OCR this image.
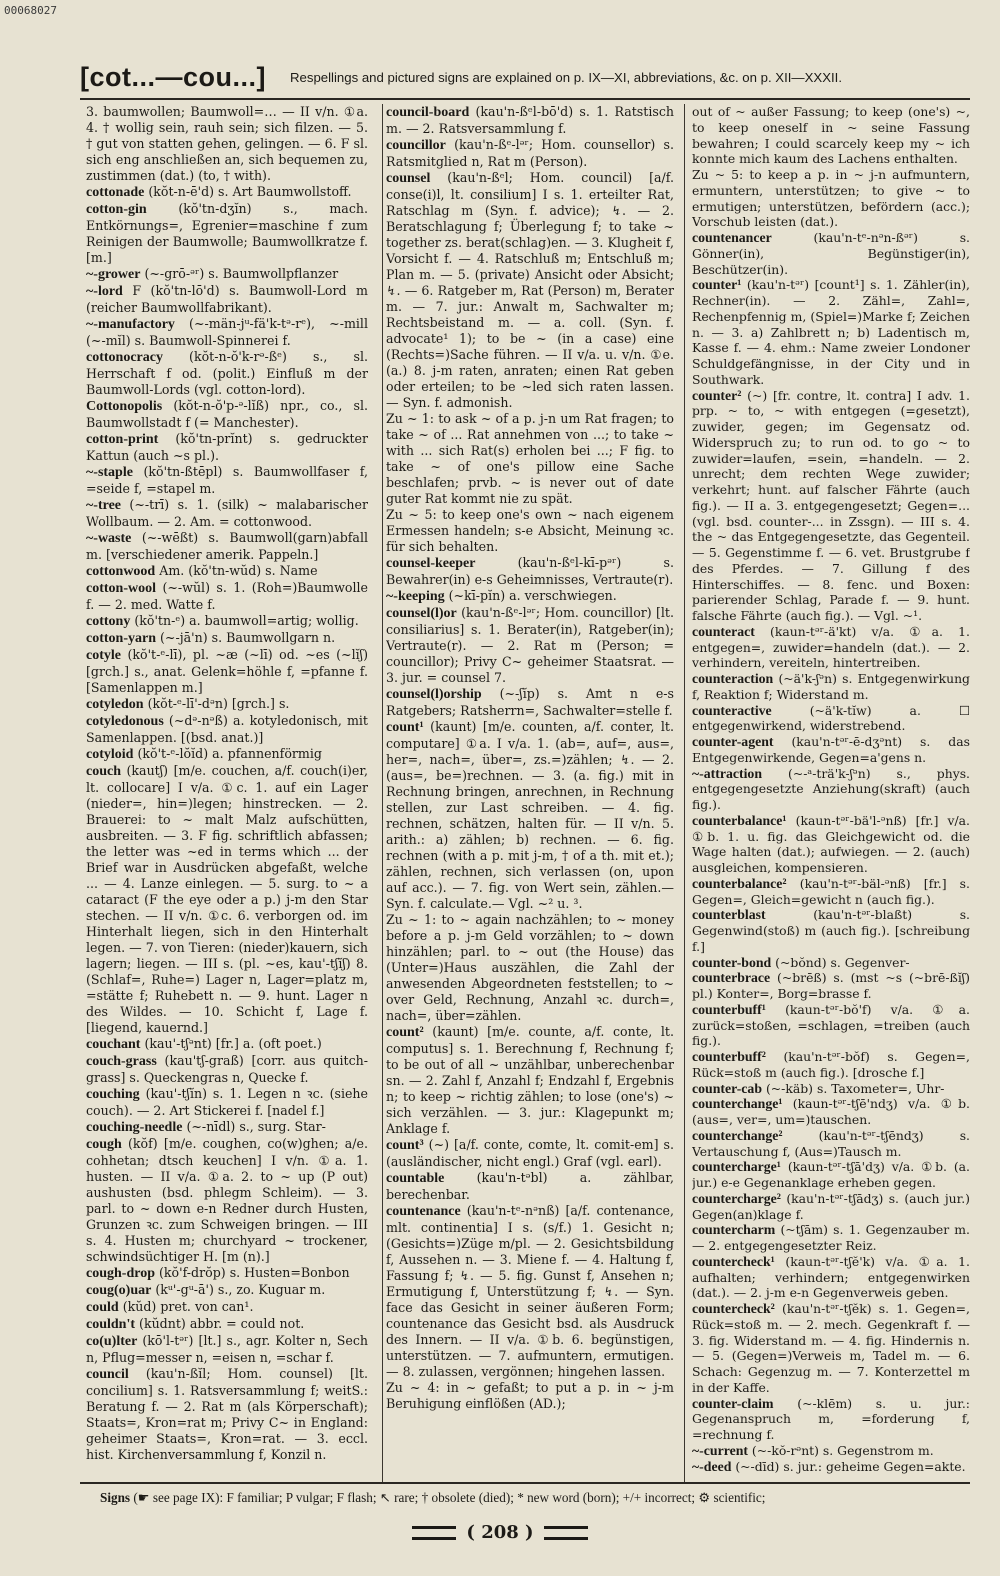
00068027
[cot...—cou...] Respellings and pictured signs are explained on p. IX—XI, abbreviations, &c. on p. XII—XXXII.

3. baumwollen; Baumwoll=… — II v/n. ①a. 4. † wollig sein, rauh sein; sich filzen. — 5. † gut von statten gehen, gelingen. — 6. F sl. sich eng anschließen an, sich bequemen zu, zustimmen (dat.) (to, † with).

cottonade (kŏt-n-ē'd) s. Art Baumwollstoff.

cotton-gin	(kŏ'tn-dʒĭn) s., mach. Entkörnungs=, Egrenier=maschine f zum Reinigen der Baumwolle; Baumwollkratze f. [m.]

~-grower (~-grō-ᵊʳ) s. Baumwollpflanzer

~-lord F (kŏ'tn-lō'd) s. Baumwoll-Lord m (reicher Baumwollfabrikant).

~-manufactory (~-män-jᵘ-fä'k-tᵊ-rᵉ), ~-mill (~-mĭl) s. Baumwoll-Spinnerei f.

cottonocracy (kŏt-n-ŏ'k-rᵊ-ßᵉ) s., sl. Herrschaft f od. (polit.) Einfluß m der Baumwoll-Lords (vgl. cotton-lord).

Cottonopolis (kŏt-n-ŏ'p-ᵊ-lĭß) npr., co., sl. Baumwollstadt f (= Manchester).

cotton-print (kŏ'tn-prĭnt) s. gedruckter Kattun (auch ~s pl.).

~-staple (kŏ'tn-ßtēpl) s. Baumwollfaser f, =seide f, =stapel m.

~-tree (~-trī) s. 1. (silk) ~ malabarischer Wollbaum. — 2. Am. = cottonwood.

~-waste (~-wēßt) s. Baumwoll(garn)abfall m. [verschiedener amerik. Pappeln.]

cottonwood Am. (kŏ'tn-wŭd) s. Name

cotton-wool (~-wŭl) s. 1. (Roh=)Baumwolle f. — 2. med. Watte f.

cottony (kŏ'tn-ᵉ) a. baumwoll=artig; wollig.

cotton-yarn (~-jā'n) s. Baumwollgarn n.

cotyle (kŏ't-ᵉ-lī), pl. ~æ (~lī) od. ~es (~lĭʃ) [grch.] s., anat. Gelenk=höhle f, =pfanne f. [Samenlappen m.]

cotyledon (kŏt-ᵉ-lī'-dᵊn) [grch.] s.

cotyledonous (~dᵊ-nᵊß) a. kotyledonisch, mit Samenlappen. [(bsd. anat.)]

cotyloid (kŏ't-ᵉ-lŏĭd) a. pfannenförmig

couch (kautʃ) [m/e. couchen, a/f. couch(i)er, lt. collocare] I v/a. ①c. 1. auf ein Lager (nieder=, hin=)legen; hinstrecken. — 2. Brauerei: to ~ malt Malz aufschütten, ausbreiten. — 3. F fig. schriftlich abfassen; the letter was ~ed in terms which ... der Brief war in Ausdrücken abgefaßt, welche ... — 4. Lanze einlegen. — 5. surg. to ~ a cataract (F the eye oder a p.) j-m den Star stechen. — II v/n. ①c. 6. verborgen od. im Hinterhalt liegen, sich in den Hinterhalt legen. — 7. von Tieren: (nieder)kauern, sich lagern; liegen. — III s. (pl. ~es, kau'-tʃĭʃ) 8. (Schlaf=, Ruhe=) Lager n, Lager=platz m, =stätte f; Ruhebett n. — 9. hunt. Lager n des Wildes. — 10. Schicht f, Lage f. [liegend, kauernd.]

couchant (kau'-tʃᵊnt) [fr.] a. (oft poet.)

couch-grass (kau'tʃ-graß) [corr. aus quitch-grass] s. Queckengras n, Quecke f.

couching (kau'-tʃĭn) s. 1. Legen n ꝛc. (siehe couch). — 2. Art Stickerei f. [nadel f.]

couching-needle (~-nīdl) s., surg. Star-

cough (kŏf) [m/e. coughen, co(w)ghen; a/e. cohhetan; dtsch keuchen] I v/n. ①a. 1. husten. — II v/a. ①a. 2. to ~ up (P out) aushusten (bsd. phlegm Schleim). — 3. parl. to ~ down e-n Redner durch Husten, Grunzen ꝛc. zum Schweigen bringen. — III s. 4. Husten m; churchyard ~ trockener, schwindsüchtiger H. [m (n).]

cough-drop (kŏ'f-drŏp) s. Husten=Bonbon

coug(o)uar (kᵘ'-gᵘ-ā') s., zo. Kuguar m.

could (kŭd) pret. von can¹.

couldn't (kŭdnt) abbr. = could not.

co(u)lter (kō'l-tᵊʳ) [lt.] s., agr. Kolter n, Sech n, Pflug=messer n, =eisen n, =schar f.

council (kau'n-ßĭl; Hom. counsel) [lt. concilium] s. 1. Ratsversammlung f; weitS.: Beratung f. — 2. Rat m (als Körperschaft); Staats=, Kron=rat m; Privy C~ in England: geheimer Staats=, Kron=rat. — 3. eccl. hist. Kirchenversammlung f, Konzil n.

council-board (kau'n-ßᵉl-bō'd) s. 1. Ratstisch m. — 2. Ratsversammlung f.

councillor (kau'n-ßᵉ-lᵊʳ; Hom. counsellor) s. Ratsmitglied n, Rat m (Person).

counsel (kau'n-ßᵉl; Hom. council) [a/f. conse(i)l, lt. consilium] I s. 1. erteilter Rat, Ratschlag m (Syn. f. advice); ↯. — 2. Beratschlagung f; Überlegung f; to take ~ together zs. berat(schlag)en. — 3. Klugheit f, Vorsicht f. — 4. Ratschluß m; Entschluß m; Plan m. — 5. (private) Ansicht oder Absicht; ↯. — 6. Ratgeber m, Rat (Person) m, Berater m. — 7. jur.: Anwalt m, Sachwalter m; Rechtsbeistand m. — a. coll. (Syn. f. advocate¹ 1); to be ~ (in a case) eine (Rechts=)Sache führen. — II v/a. u. v/n. ①e.(a.) 8. j-m raten, anraten; einen Rat geben oder erteilen; to be ~led sich raten lassen. — Syn. f. admonish.

Zu ~ 1: to ask ~ of a p. j-n um Rat fragen; to take ~ of ... Rat annehmen von ...; to take ~ with ... sich Rat(s) erholen bei ...; F fig. to take ~ of one's pillow eine Sache beschlafen; prvb. ~ is never out of date guter Rat kommt nie zu spät.

Zu ~ 5: to keep one's own ~ nach eigenem Ermessen handeln; s-e Absicht, Meinung ꝛc. für sich behalten.

counsel-keeper	(kau'n-ßᵉl-kī-pᵊʳ) s. Bewahrer(in) e-s Geheimnisses, Vertraute(r).

~-keeping (~kī-pĭn) a. verschwiegen.

counsel(l)or (kau'n-ßᵉ-lᵊʳ; Hom. councillor) [lt. consiliarius] s. 1. Berater(in), Ratgeber(in); Vertraute(r). — 2. Rat m (Person; = councillor); Privy C~ geheimer Staatsrat. — 3. jur. = counsel 7.

counsel(l)orship (~-ʃĭp) s. Amt n e-s Ratgebers; Ratsherrn=, Sachwalter=stelle f.

count¹ (kaunt) [m/e. counten, a/f. conter, lt. computare] ①a. I v/a. 1. (ab=, auf=, aus=, her=, nach=, über=, zs.=)zählen; ↯. — 2. (aus=, be=)rechnen. — 3. (a. fig.) mit in Rechnung bringen, anrechnen, in Rechnung stellen, zur Last schreiben. — 4. fig. rechnen, schätzen, halten für. — II v/n. 5. arith.: a) zählen; b) rechnen. — 6. fig. rechnen (with a p. mit j-m, † of a th. mit et.); zählen, rechnen, sich verlassen (on, upon auf acc.). — 7. fig. von Wert sein, zählen.— Syn. f. calculate.— Vgl. ~² u. ³.

Zu ~ 1: to ~ again nachzählen; to ~ money before a p. j-m Geld vorzählen; to ~ down hinzählen; parl. to ~ out (the House) das (Unter=)Haus auszählen, die Zahl der anwesenden Abgeordneten feststellen; to ~ over Geld, Rechnung, Anzahl ꝛc. durch=, nach=, über=zählen.

count² (kaunt) [m/e. counte, a/f. conte, lt. computus] s. 1. Berechnung f, Rechnung f; to be out of all ~ unzählbar, unberechenbar sn. — 2. Zahl f, Anzahl f; Endzahl f, Ergebnis n; to keep ~ richtig zählen; to lose (one's) ~ sich verzählen. — 3. jur.: Klagepunkt m; Anklage f.

count³ (~) [a/f. conte, comte, lt. comit-em] s. (ausländischer, nicht engl.) Graf (vgl. earl).

countable	(kau'n-tᵊbl) a. zählbar, berechenbar.

countenance (kau'n-tᵉ-nᵊnß) [a/f. contenance, mlt. continentia] I s. (s/f.) 1. Gesicht n; (Gesichts=)Züge m/pl. — 2. Gesichtsbildung f, Aussehen n. — 3. Miene f. — 4. Haltung f, Fassung f; ↯. — 5. fig. Gunst f, Ansehen n; Ermutigung f, Unterstützung f; ↯. — Syn. face das Gesicht in seiner äußeren Form; countenance das Gesicht bsd. als Ausdruck des Innern. — II v/a. ①b. 6. begünstigen, unterstützen. — 7. aufmuntern, ermutigen. — 8. zulassen, vergönnen; hingehen lassen.

Zu ~ 4: in ~ gefaßt; to put a p. in ~ j-m Beruhigung einflößen (AD.);

out of ~ außer Fassung; to keep (one's) ~, to keep oneself in ~ seine Fassung bewahren; I could scarcely keep my ~ ich konnte mich kaum des Lachens enthalten.

Zu ~ 5: to keep a p. in ~ j-n aufmuntern, ermuntern, unterstützen; to give ~ to ermutigen; unterstützen, befördern (acc.); Vorschub leisten (dat.).

countenancer	(kau'n-tᵉ-nᵊn-ßᵊʳ) s. Gönner(in), Begünstiger(in), Beschützer(in).

counter¹ (kau'n-tᵊʳ) [count¹] s. 1. Zähler(in), Rechner(in). — 2. Zähl=, Zahl=, Rechenpfennig m, (Spiel=)Marke f; Zeichen n. — 3. a) Zahlbrett n; b) Ladentisch m, Kasse f. — 4. ehm.: Name zweier Londoner Schuldgefängnisse, in der City und in Southwark.

counter² (~) [fr. contre, lt. contra] I adv. 1. prp. ~ to, ~ with entgegen (=gesetzt), zuwider, gegen; im Gegensatz od. Widerspruch zu; to run od. to go ~ to zuwider=laufen, =sein, =handeln. — 2. unrecht; dem rechten Wege zuwider; verkehrt; hunt. auf falscher Fährte (auch fig.). — II a. 3. entgegengesetzt; Gegen=... (vgl. bsd. counter-... in Zssgn). — III s. 4. the ~ das Entgegengesetzte, das Gegenteil. — 5. Gegenstimme f. — 6. vet. Brustgrube f des Pferdes. — 7. Gillung f des Hinterschiffes. — 8. fenc. und Boxen: parierender Schlag, Parade f. — 9. hunt. falsche Fährte (auch fig.). — Vgl. ~¹.

counteract (kaun-tᵊʳ-ä'kt) v/a. ①a. 1. entgegen=, zuwider=handeln (dat.). — 2. verhindern, vereiteln, hintertreiben.

counteraction (~ä'k-ʃᵊn) s. Entgegenwirkung f, Reaktion f; Widerstand m.

counteractive	(~ä'k-tĭw) a. ☐ entgegenwirkend, widerstrebend.

counter-agent (kau'n-tᵊʳ-ē-dʒᵊnt) s. das Entgegenwirkende, Gegen=a'gens n.

~-attraction (~-ᵃ-trä'k-ʃᵊn) s., phys. entgegengesetzte Anziehung(skraft) (auch fig.).

counterbalance¹ (kaun-tᵊʳ-bä'l-ᵊnß) [fr.] v/a. ①b. 1. u. fig. das Gleichgewicht od. die Wage halten (dat.); aufwiegen. — 2. (auch) ausgleichen, kompensieren.

counterbalance² (kau'n-tᵊʳ-bäl-ᵊnß) [fr.] s. Gegen=, Gleich=gewicht n (auch fig.).

counterblast	(kau'n-tᵊʳ-blaßt) s. Gegenwind(stoß) m (auch fig.). [schreibung f.]

counter-bond (~bŏnd) s. Gegenver-

counterbrace (~brēß) s. (mst ~s (~brē-ßĭʃ) pl.) Konter=, Borg=brasse f.

counterbuff¹ (kaun-tᵊʳ-bŏ'f) v/a. ①a. zurück=stoßen, =schlagen, =treiben (auch fig.).

counterbuff² (kau'n-tᵊʳ-bŏf) s. Gegen=, Rück=stoß m (auch fig.). [drosche f.]

counter-cab (~-käb) s. Taxometer=, Uhr-

counterchange¹ (kaun-tᵊʳ-tʃē'ndʒ) v/a. ①b. (aus=, ver=, um=)tauschen.

counterchange²	(kau'n-tᵊʳ-tʃēndʒ) s. Vertauschung f, (Aus=)Tausch m.

countercharge¹ (kaun-tᵊʳ-tʃā'dʒ) v/a. ①b. (a. jur.) e-e Gegenanklage erheben gegen.

countercharge² (kau'n-tᵊʳ-tʃādʒ) s. (auch jur.) Gegen(an)klage f.

countercharm (~tʃām) s. 1. Gegenzauber m. — 2. entgegengesetzter Reiz.

countercheck¹ (kaun-tᵊʳ-tʃĕ'k) v/a. ①a. 1. aufhalten; verhindern; entgegenwirken (dat.). — 2. j-m e-n Gegenverweis geben.

countercheck² (kau'n-tᵊʳ-tʃĕk) s. 1. Gegen=, Rück=stoß m. — 2. mech. Gegenkraft f. — 3. fig. Widerstand m. — 4. fig. Hindernis n. — 5. (Gegen=)Verweis m, Tadel m. — 6. Schach: Gegenzug m. — 7. Konterzettel m in der Kaffe.

counter-claim (~-klēm) s. u. jur.: Gegenanspruch m, =forderung f, =rechnung f.

~-current (~-kŏ-rᵊnt) s. Gegenstrom m.

~-deed (~-dīd) s. jur.: geheime Gegen=akte.

Signs (☛ see page IX): F familiar; P vulgar; F flash; ↖ rare; † obsolete (died); * new word (born); +/+ incorrect; ⚙ scientific;
( 208 )
